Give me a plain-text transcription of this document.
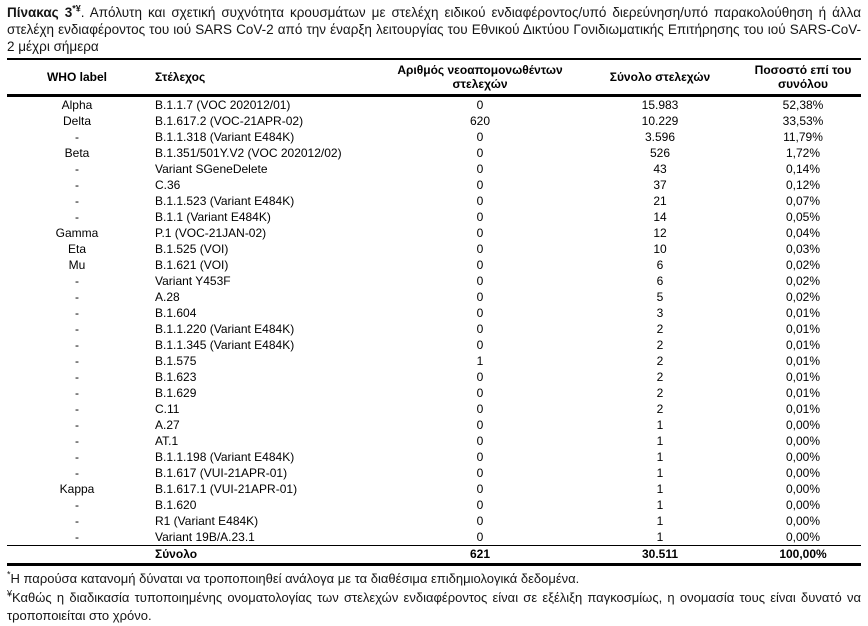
Πίνακας 3*¥. Απόλυτη και σχετική συχνότητα κρουσμάτων με στελέχη ειδικού ενδιαφέροντος/υπό διερεύνηση/υπό παρακολούθηση ή άλλα στελέχη ενδιαφέροντος του ιού SARS CoV-2 από την έναρξη λειτουργίας του Εθνικού Δικτύου Γονιδιωματικής Επιτήρησης του ιού SARS-CoV-2 μέχρι σήμερα
WHO label	Στέλεχος	Αριθμός νεοαπομονωθέντων στελεχών	Σύνολο στελεχών	Ποσοστό επί του συνόλου
Alpha	B.1.1.7 (VOC 202012/01)	0	15.983	52,38%
Delta	B.1.617.2 (VOC-21APR-02)	620	10.229	33,53%
-	B.1.1.318 (Variant E484K)	0	3.596	11,79%
Beta	B.1.351/501Y.V2 (VOC 202012/02)	0	526	1,72%
-	Variant SGeneDelete	0	43	0,14%
-	C.36	0	37	0,12%
-	B.1.1.523 (Variant E484K)	0	21	0,07%
-	B.1.1 (Variant E484K)	0	14	0,05%
Gamma	P.1 (VOC-21JAN-02)	0	12	0,04%
Eta	B.1.525 (VOI)	0	10	0,03%
Mu	B.1.621 (VOI)	0	6	0,02%
-	Variant Y453F	0	6	0,02%
-	A.28	0	5	0,02%
-	B.1.604	0	3	0,01%
-	B.1.1.220 (Variant E484K)	0	2	0,01%
-	B.1.1.345 (Variant E484K)	0	2	0,01%
-	B.1.575	1	2	0,01%
-	B.1.623	0	2	0,01%
-	B.1.629	0	2	0,01%
-	C.11	0	2	0,01%
-	A.27	0	1	0,00%
-	AT.1	0	1	0,00%
-	B.1.1.198 (Variant E484K)	0	1	0,00%
-	B.1.617 (VUI-21APR-01)	0	1	0,00%
Kappa	B.1.617.1 (VUI-21APR-01)	0	1	0,00%
-	B.1.620	0	1	0,00%
-	R1 (Variant E484K)	0	1	0,00%
-	Variant 19B/A.23.1	0	1	0,00%
	Σύνολο	621	30.511	100,00%
*Η παρούσα κατανομή δύναται να τροποποιηθεί ανάλογα με τα διαθέσιμα επιδημιολογικά δεδομένα.
¥Καθώς η διαδικασία τυποποιημένης ονοματολογίας των στελεχών ενδιαφέροντος είναι σε εξέλιξη παγκοσμίως, η ονομασία τους είναι δυνατό να τροποποιείται στο χρόνο.
